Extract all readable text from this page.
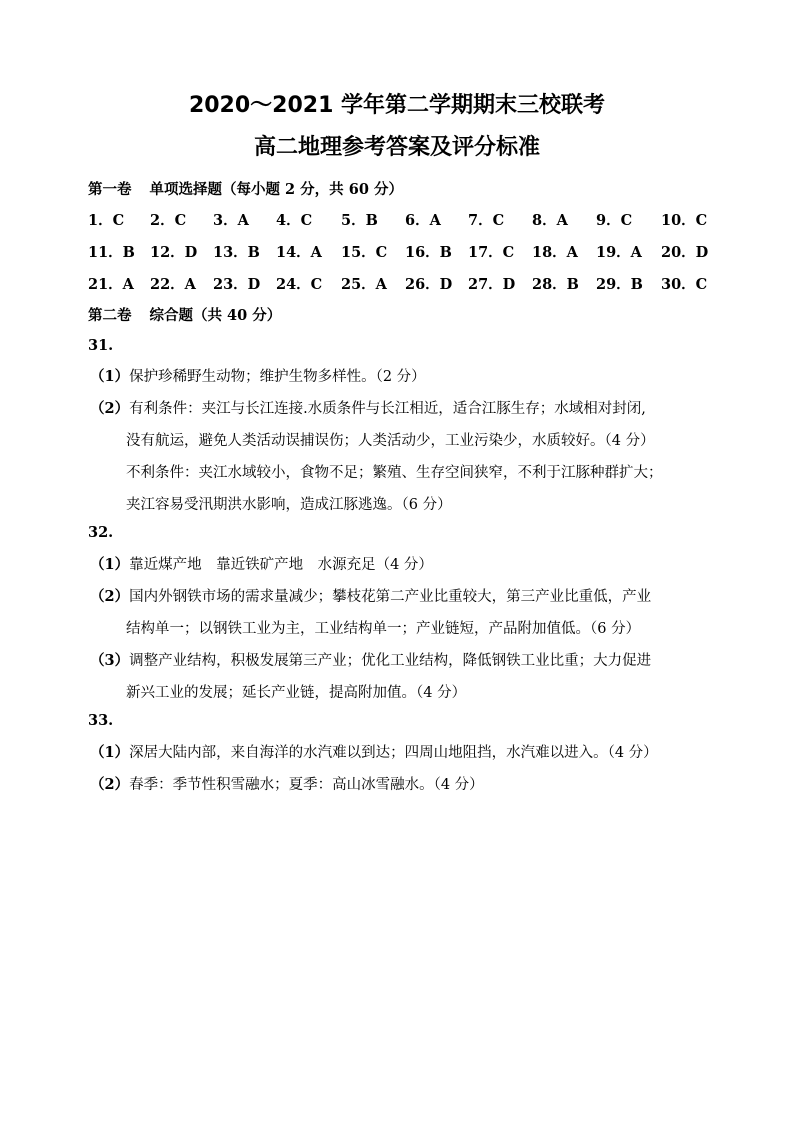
2020～2021 学年第二学期期末三校联考
高二地理参考答案及评分标准
第一卷 单项选择题（每小题 2 分，共 60 分）
1．C 2．C 3．A 4．C 5．B 6．A 7．C 8．A 9．C 10．C
11．B 12．D 13．B 14．A 15．C 16．B 17．C 18．A 19．A 20．D
21．A 22．A 23．D 24．C 25．A 26．D 27．D 28．B 29．B 30．C
第二卷 综合题（共 40 分）
31.
（1）保护珍稀野生动物；维护生物多样性。（2 分）
（2）有利条件：夹江与长江连接.水质条件与长江相近，适合江豚生存；水域相对封闭,
没有航运，避免人类活动误捕误伤；人类活动少，工业污染少，水质较好。（4 分）
不利条件：夹江水域较小，食物不足；繁殖、生存空间狭窄，不利于江豚种群扩大；
夹江容易受汛期洪水影响，造成江豚逃逸。（6 分）
32.
（1）靠近煤产地　靠近铁矿产地　水源充足（4 分）
（2）国内外钢铁市场的需求量减少；攀枝花第二产业比重较大，第三产业比重低，产业
结构单一；以钢铁工业为主，工业结构单一；产业链短，产品附加值低。（6 分）
（3）调整产业结构，积极发展第三产业；优化工业结构，降低钢铁工业比重；大力促进
新兴工业的发展；延长产业链，提高附加值。（4 分）
33.
（1）深居大陆内部，来自海洋的水汽难以到达；四周山地阻挡，水汽难以进入。（4 分）
（2）春季：季节性积雪融水；夏季：高山冰雪融水。（4 分）
